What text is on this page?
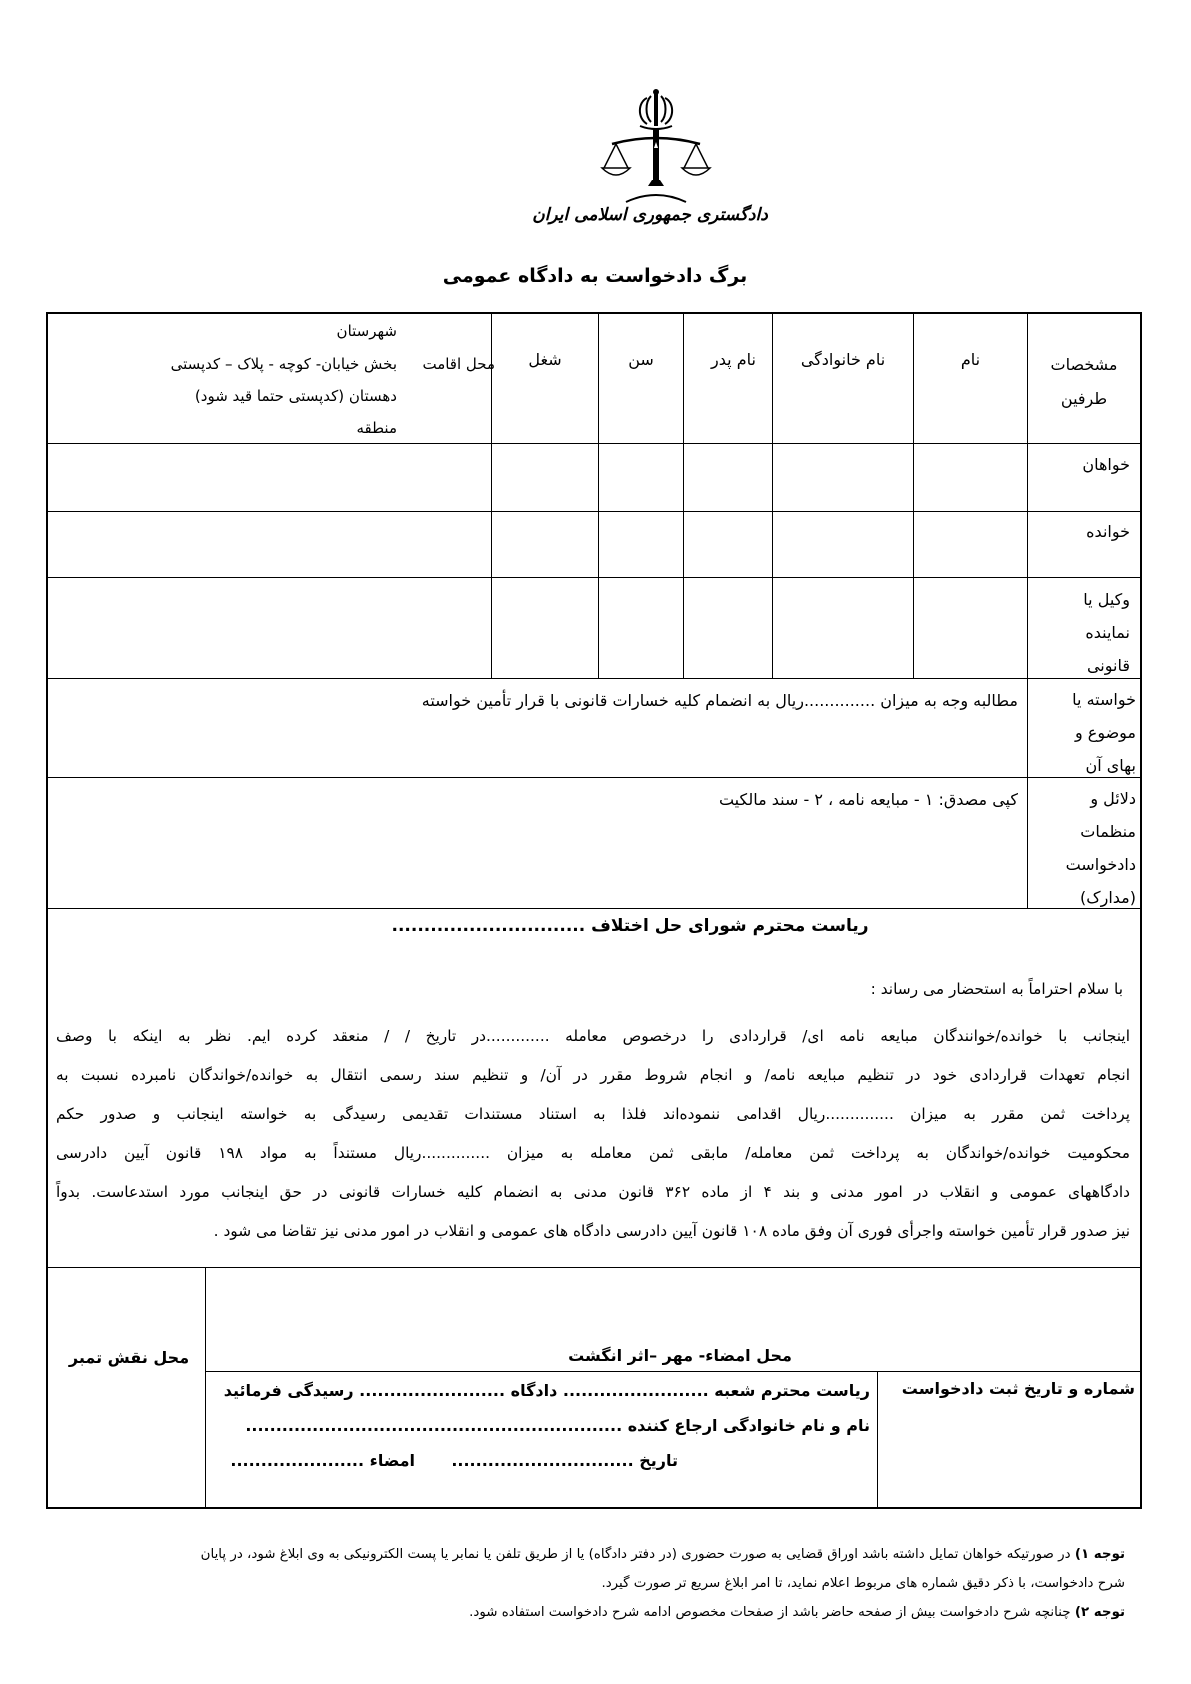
دادگستری جمهوری اسلامی ایران
برگ دادخواست به دادگاه عمومی
مشخصات طرفین
نام
نام خانوادگی
نام پدر
سن
شغل
محل اقامت
شهرستان
بخش خیابان- کوچه - پلاک – کدپستی
دهستان (کدپستی حتما قید شود)
منطقه
خواهان
خوانده
وکیل یا
نماینده
قانونی
خواسته یا
موضوع و
بهای آن
مطالبه وجه به میزان ..............ریال به انضمام کلیه خسارات قانونی با قرار تأمین خواسته
دلائل و
منظمات
دادخواست
(مدارک)
کپی مصدق: ۱ - مبایعه نامه ، ۲ - سند مالکیت
ریاست محترم شورای حل اختلاف ..............................
با سلام احتراماً به استحضار می رساند :
اینجانب با خوانده/خوانندگان مبایعه نامه ای/ قراردادی را درخصوص معامله .............در تاریخ / / منعقد کرده ایم. نظر به اینکه با وصف
انجام تعهدات قراردادی خود در تنظیم مبایعه نامه/ و انجام شروط مقرر در آن/ و تنظیم سند رسمی انتقال به خوانده/خواندگان نامبرده نسبت به
پرداخت ثمن مقرر به میزان ..............ریال اقدامی ننموده‌اند فلذا به استناد مستندات تقدیمی رسیدگی به خواسته اینجانب و صدور حکم
محکومیت خوانده/خواندگان به پرداخت ثمن معامله/ مابقی ثمن معامله به میزان ..............ریال مستنداً به مواد ۱۹۸ قانون آیین دادرسی
دادگاههای عمومی و انقلاب در امور مدنی و بند ۴ از ماده ۳۶۲ قانون مدنی به انضمام کلیه خسارات قانونی در حق اینجانب مورد استدعاست. بدواً
نیز صدور قرار تأمین خواسته واجرأی فوری آن وفق ماده ۱۰۸ قانون آیین دادرسی دادگاه های عمومی و انقلاب در امور مدنی نیز تقاضا می شود .
محل نقش تمبر	محل امضاء- مهر –اثر انگشت
شماره و تاریخ ثبت دادخواست
ریاست محترم شعبه ........................ دادگاه ........................ رسیدگی فرمائید
نام و نام خانوادگی ارجاع کننده ..............................................................
تاریخ ..............................
امضاء ......................
توجه ۱) در صورتیکه خواهان تمایل داشته باشد اوراق قضایی به صورت حضوری (در دفتر دادگاه) یا از طریق تلفن یا نمابر یا پست الکترونیکی به وی ابلاغ شود، در پایان
شرح دادخواست، با ذکر دقیق شماره های مربوط اعلام نماید، تا امر ابلاغ سریع تر صورت گیرد.
توجه ۲) چنانچه شرح دادخواست بیش از صفحه حاضر باشد از صفحات مخصوص ادامه شرح دادخواست استفاده شود.
